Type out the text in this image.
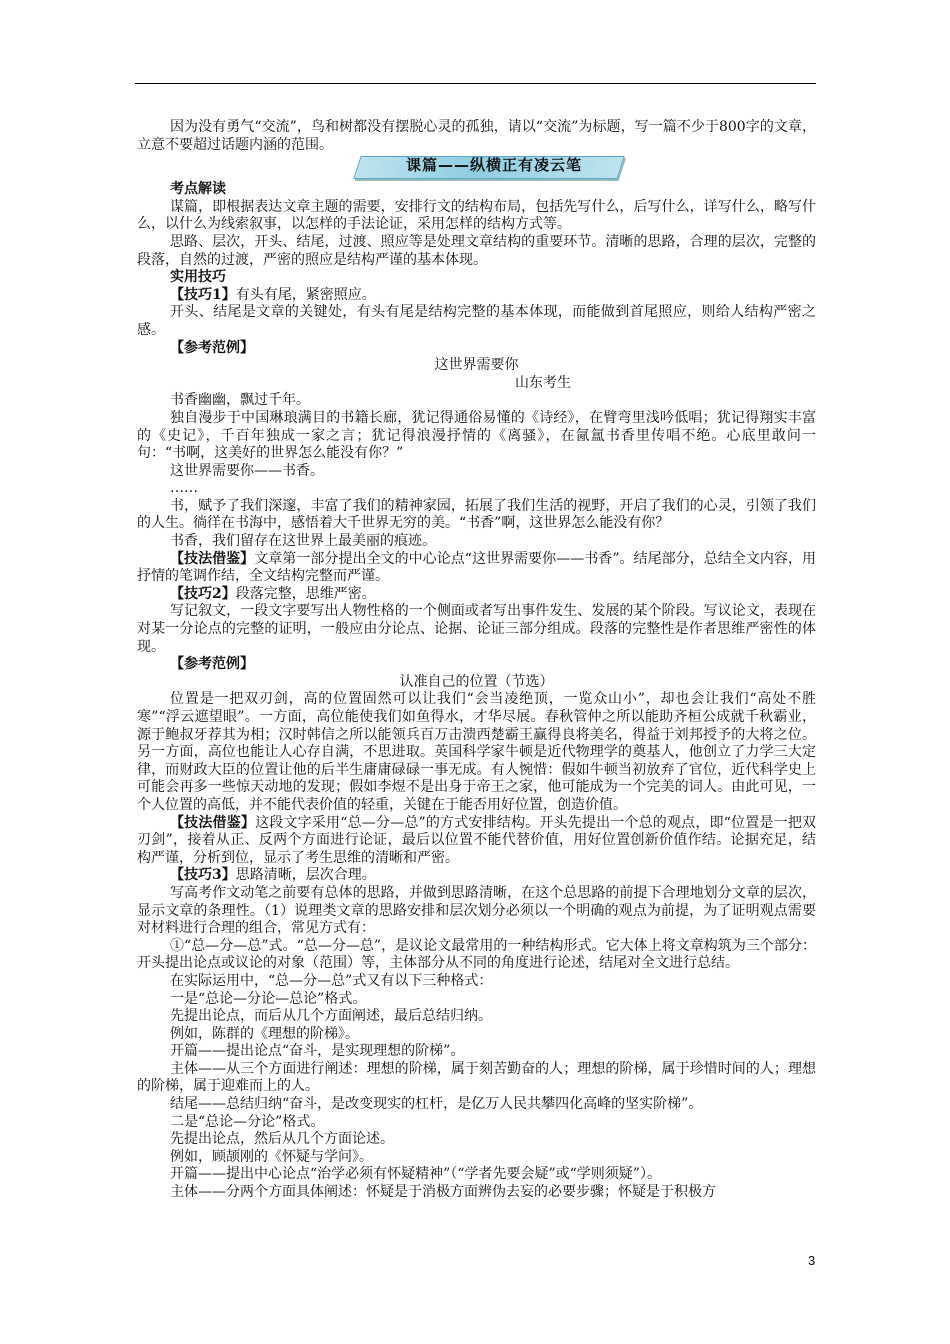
因为没有勇气“交流”，鸟和树都没有摆脱心灵的孤独，请以“交流”为标题，写一篇不少于800字的文章，立意不要超过话题内涵的范围。

课篇——纵横正有凌云笔

考点解读

谋篇，即根据表达文章主题的需要，安排行文的结构布局，包括先写什么，后写什么，详写什么，略写什么，以什么为线索叙事，以怎样的手法论证，采用怎样的结构方式等。

思路、层次，开头、结尾，过渡、照应等是处理文章结构的重要环节。清晰的思路，合理的层次，完整的段落，自然的过渡，严密的照应是结构严谨的基本体现。

实用技巧

【技巧1】有头有尾，紧密照应。

开头、结尾是文章的关键处，有头有尾是结构完整的基本体现，而能做到首尾照应，则给人结构严密之感。

【参考范例】

这世界需要你

山东考生

书香幽幽，飘过千年。

独自漫步于中国琳琅满目的书籍长廊，犹记得通俗易懂的《诗经》，在臂弯里浅吟低唱；犹记得翔实丰富的《史记》，千百年独成一家之言；犹记得浪漫抒情的《离骚》，在氤氲书香里传唱不绝。心底里敢问一句：“书啊，这美好的世界怎么能没有你？”

这世界需要你——书香。

……

书，赋予了我们深邃，丰富了我们的精神家园，拓展了我们生活的视野，开启了我们的心灵，引领了我们的人生。徜徉在书海中，感悟着大千世界无穷的美。“书香”啊，这世界怎么能没有你？

书香，我们留存在这世界上最美丽的痕迹。

【技法借鉴】文章第一部分提出全文的中心论点“这世界需要你——书香”。结尾部分，总结全文内容，用抒情的笔调作结，全文结构完整而严谨。

【技巧2】段落完整，思维严密。

写记叙文，一段文字要写出人物性格的一个侧面或者写出事件发生、发展的某个阶段。写议论文，表现在对某一分论点的完整的证明，一般应由分论点、论据、论证三部分组成。段落的完整性是作者思维严密性的体现。

【参考范例】

认准自己的位置（节选）

位置是一把双刃剑，高的位置固然可以让我们“会当凌绝顶，一览众山小”，却也会让我们“高处不胜寒”“浮云遮望眼”。一方面，高位能使我们如鱼得水，才华尽展。春秋管仲之所以能助齐桓公成就千秋霸业，源于鲍叔牙荐其为相；汉时韩信之所以能领兵百万击溃西楚霸王赢得良将美名，得益于刘邦授予的大将之位。另一方面，高位也能让人心存自满，不思进取。英国科学家牛顿是近代物理学的奠基人，他创立了力学三大定律，而财政大臣的位置让他的后半生庸庸碌碌一事无成。有人惋惜：假如牛顿当初放弃了官位，近代科学史上可能会再多一些惊天动地的发现；假如李煜不是出身于帝王之家，他可能成为一个完美的词人。由此可见，一个人位置的高低，并不能代表价值的轻重，关键在于能否用好位置，创造价值。

【技法借鉴】这段文字采用“总—分—总”的方式安排结构。开头先提出一个总的观点，即“位置是一把双刃剑”，接着从正、反两个方面进行论证，最后以位置不能代替价值，用好位置创新价值作结。论据充足，结构严谨，分析到位，显示了考生思维的清晰和严密。

【技巧3】思路清晰，层次合理。

写高考作文动笔之前要有总体的思路，并做到思路清晰，在这个总思路的前提下合理地划分文章的层次，显示文章的条理性。（1）说理类文章的思路安排和层次划分必须以一个明确的观点为前提，为了证明观点需要对材料进行合理的组合，常见方式有：

①“总—分—总”式。“总—分—总”，是议论文最常用的一种结构形式。它大体上将文章构筑为三个部分：开头提出论点或议论的对象（范围）等，主体部分从不同的角度进行论述，结尾对全文进行总结。

在实际运用中，“总—分—总”式又有以下三种格式：

一是“总论—分论—总论”格式。

先提出论点，而后从几个方面阐述，最后总结归纳。

例如，陈群的《理想的阶梯》。

开篇——提出论点“奋斗，是实现理想的阶梯”。

主体——从三个方面进行阐述：理想的阶梯，属于刻苦勤奋的人；理想的阶梯，属于珍惜时间的人；理想的阶梯，属于迎难而上的人。

结尾——总结归纳“奋斗，是改变现实的杠杆，是亿万人民共攀四化高峰的坚实阶梯”。

二是“总论—分论”格式。

先提出论点，然后从几个方面论述。

例如，顾颉刚的《怀疑与学问》。

开篇——提出中心论点“治学必须有怀疑精神”（“学者先要会疑”或“学则须疑”）。

主体——分两个方面具体阐述：怀疑是于消极方面辨伪去妄的必要步骤；怀疑是于积极方

3
